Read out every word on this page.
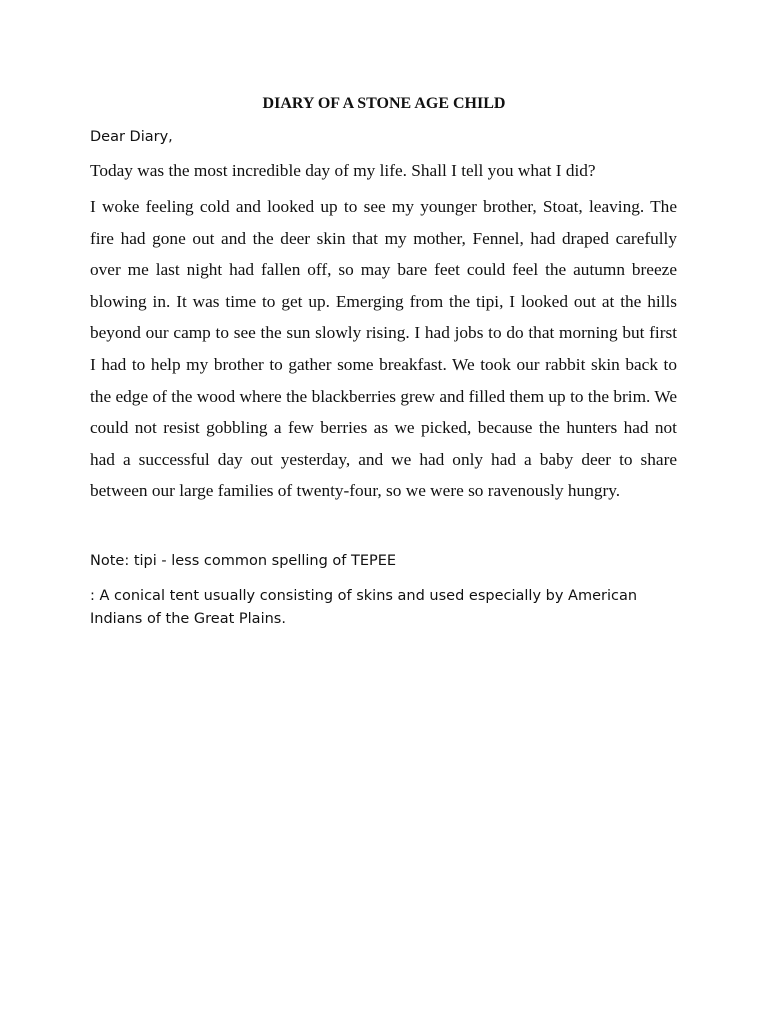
DIARY OF A STONE AGE CHILD

Dear Diary,

Today was the most incredible day of my life. Shall I tell you what I did?

I woke feeling cold and looked up to see my younger brother, Stoat, leaving. The fire had gone out and the deer skin that my mother, Fennel, had draped carefully over me last night had fallen off, so may bare feet could feel the autumn breeze blowing in. It was time to get up. Emerging from the tipi, I looked out at the hills beyond our camp to see the sun slowly rising. I had jobs to do that morning but first I had to help my brother to gather some breakfast. We took our rabbit skin back to the edge of the wood where the blackberries grew and filled them up to the brim. We could not resist gobbling a few berries as we picked, because the hunters had not had a successful day out yesterday, and we had only had a baby deer to share between our large families of twenty-four, so we were so ravenously hungry.

Note: tipi - less common spelling of TEPEE

: A conical tent usually consisting of skins and used especially by American Indians of the Great Plains.
